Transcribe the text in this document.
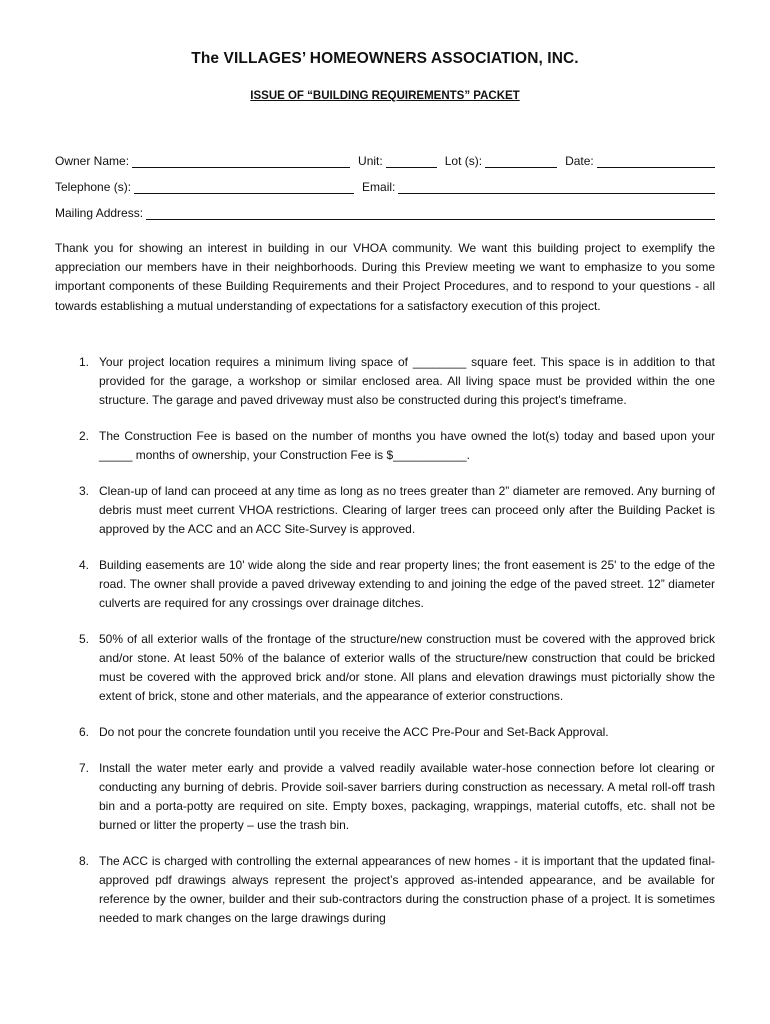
The VILLAGES’ HOMEOWNERS ASSOCIATION, INC.
ISSUE OF “BUILDING REQUIREMENTS” PACKET
Owner Name:	Unit:	Lot (s):	Date:
Telephone (s):	Email:
Mailing Address:

Thank you for showing an interest in building in our VHOA community. We want this building project to exemplify the appreciation our members have in their neighborhoods. During this Preview meeting we want to emphasize to you some important components of these Building Requirements and their Project Procedures, and to respond to your questions - all towards establishing a mutual understanding of expectations for a satisfactory execution of this project.

1. Your project location requires a minimum living space of ________ square feet. This space is in addition to that provided for the garage, a workshop or similar enclosed area. All living space must be provided within the one structure. The garage and paved driveway must also be constructed during this project's timeframe.
2. The Construction Fee is based on the number of months you have owned the lot(s) today and based upon your _____ months of ownership, your Construction Fee is $___________.
3. Clean-up of land can proceed at any time as long as no trees greater than 2” diameter are removed. Any burning of debris must meet current VHOA restrictions. Clearing of larger trees can proceed only after the Building Packet is approved by the ACC and an ACC Site-Survey is approved.
4. Building easements are 10' wide along the side and rear property lines; the front easement is 25' to the edge of the road. The owner shall provide a paved driveway extending to and joining the edge of the paved street. 12” diameter culverts are required for any crossings over drainage ditches.
5. 50% of all exterior walls of the frontage of the structure/new construction must be covered with the approved brick and/or stone. At least 50% of the balance of exterior walls of the structure/new construction that could be bricked must be covered with the approved brick and/or stone. All plans and elevation drawings must pictorially show the extent of brick, stone and other materials, and the appearance of exterior constructions.
6. Do not pour the concrete foundation until you receive the ACC Pre-Pour and Set-Back Approval.
7. Install the water meter early and provide a valved readily available water-hose connection before lot clearing or conducting any burning of debris. Provide soil-saver barriers during construction as necessary. A metal roll-off trash bin and a porta-potty are required on site. Empty boxes, packaging, wrappings, material cutoffs, etc. shall not be burned or litter the property – use the trash bin.
8. The ACC is charged with controlling the external appearances of new homes - it is important that the updated final-approved pdf drawings always represent the project’s approved as-intended appearance, and be available for reference by the owner, builder and their sub-contractors during the construction phase of a project. It is sometimes needed to mark changes on the large drawings during
